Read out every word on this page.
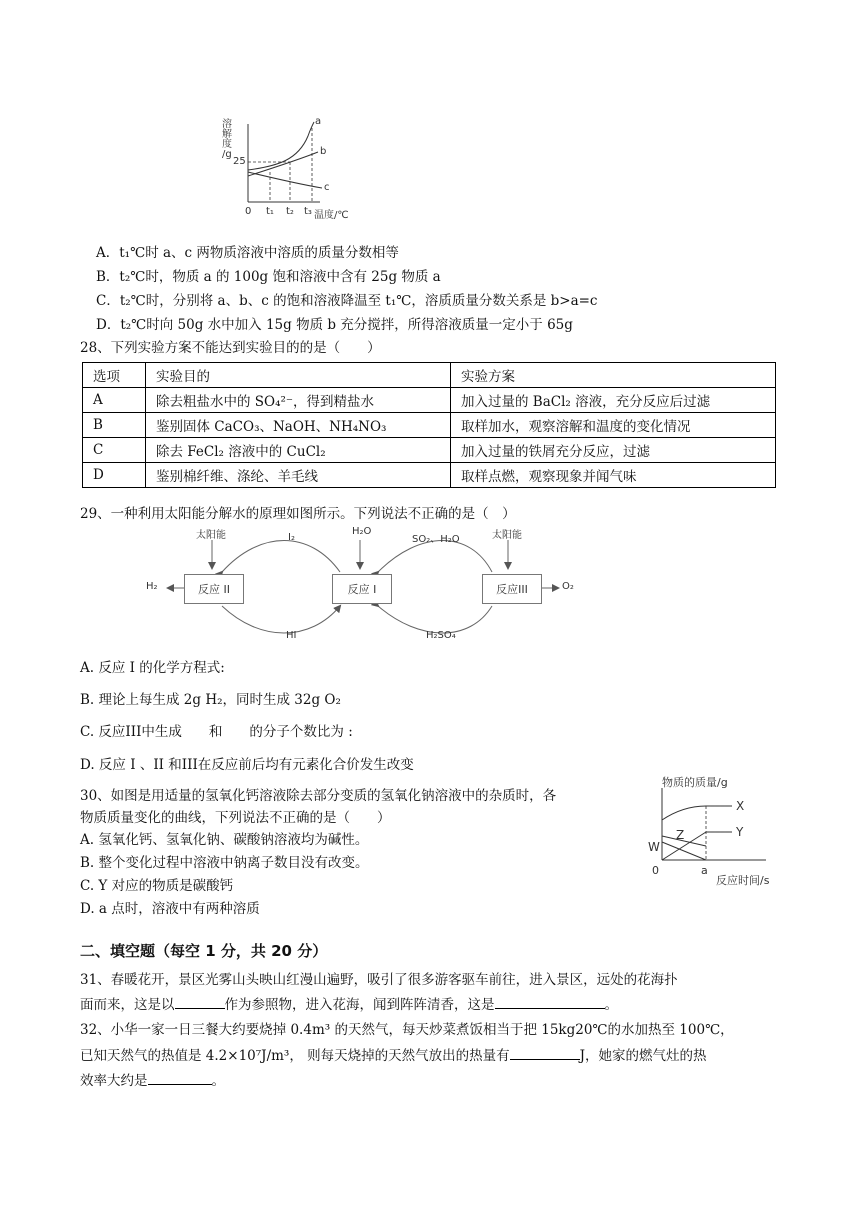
溶
解
度
/g
25
0 t₁ t₂ t₃ 温度/℃
a
b
c
A．t₁℃时 a、c 两物质溶液中溶质的质量分数相等
B．t₂℃时，物质 a 的 100g 饱和溶液中含有 25g 物质 a
C．t₂℃时，分别将 a、b、c 的饱和溶液降温至 t₁℃，溶质质量分数关系是 b>a=c
D．t₂℃时向 50g 水中加入 15g 物质 b 充分搅拌，所得溶液质量一定小于 65g
28、下列实验方案不能达到实验目的的是（　　）
选项	实验目的	实验方案
A	除去粗盐水中的 SO₄²⁻，得到精盐水	加入过量的 BaCl₂ 溶液，充分反应后过滤
B	鉴别固体 CaCO₃、NaOH、NH₄NO₃	取样加水，观察溶解和温度的变化情况
C	除去 FeCl₂ 溶液中的 CuCl₂	加入过量的铁屑充分反应，过滤
D	鉴别棉纤维、涤纶、羊毛线	取样点燃，观察现象并闻气味
29、一种利用太阳能分解水的原理如图所示。下列说法不正确的是（　）
太阳能	太阳能
I₂
H₂O
SO₂、H₂O
HI	H₂SO₄
H₂	O₂
反应 II	反应 I	反应III
A. 反应 I 的化学方程式:
B. 理论上每生成 2g H₂，同时生成 32g O₂
C. 反应III中生成　　和　　的分子个数比为 :
D. 反应 I 、II 和III在反应前后均有元素化合价发生改变
30、如图是用适量的氢氧化钙溶液除去部分变质的氢氧化钠溶液中的杂质时，各
物质质量变化的曲线，下列说法不正确的是（　　）
A. 氢氧化钙、氢氧化钠、碳酸钠溶液均为碱性。
B. 整个变化过程中溶液中钠离子数目没有改变。
C. Y 对应的物质是碳酸钙
D. a 点时，溶液中有两种溶质
物质的质量/g
反应时间/s
0	a
X
Y
Z
W
二、填空题（每空 1 分，共 20 分）
31、春暖花开，景区光雾山头映山红漫山遍野，吸引了很多游客驱车前往，进入景区，远处的花海扑
面而来，这是以	作为参照物，进入花海，闻到阵阵清香，这是	。
32、小华一家一日三餐大约要烧掉 0.4m³ 的天然气，每天炒菜煮饭相当于把 15kg20℃的水加热至 100℃，
已知天然气的热值是 4.2×10⁷J/m³， 则每天烧掉的天然气放出的热量有	J，她家的燃气灶的热
效率大约是	。
